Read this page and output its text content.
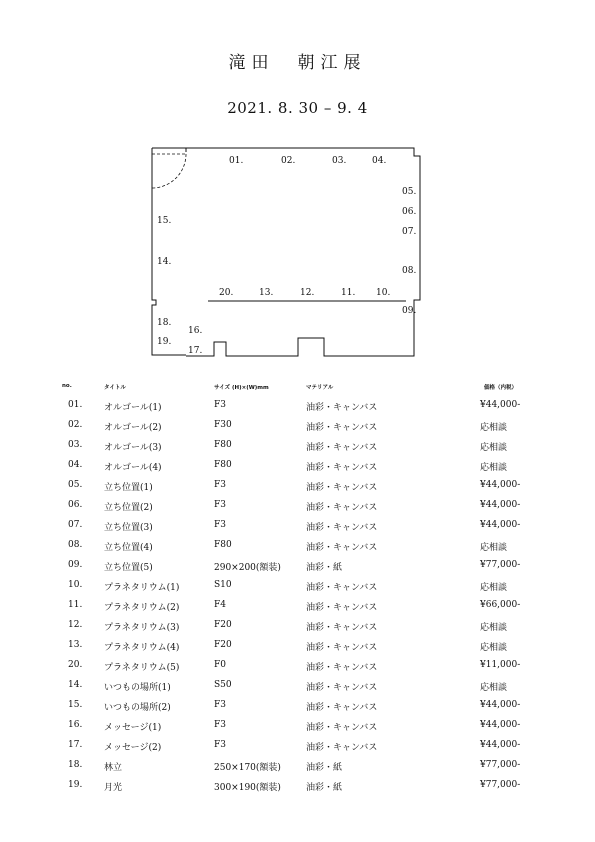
滝田　朝江展
2021. 8. 30 – 9. 4
01.	02.	03.	04.
05.
06.
07.
08.
09.
10.
11.
12.
13.
20.
14.
15.
16.
17.
18.
19.
no.	タイトル	サイズ (H)×(W)mm	マテリアル	価格（内税）
01. オルゴール(1)	F3	油彩・キャンバス	¥44,000-
02. オルゴール(2)	F30	油彩・キャンバス	応相談
03. オルゴール(3)	F80	油彩・キャンバス	応相談
04. オルゴール(4)	F80	油彩・キャンバス	応相談
05. 立ち位置(1)	F3	油彩・キャンバス	¥44,000-
06. 立ち位置(2)	F3	油彩・キャンバス	¥44,000-
07. 立ち位置(3)	F3	油彩・キャンバス	¥44,000-
08. 立ち位置(4)	F80	油彩・キャンバス	応相談
09. 立ち位置(5)	290×200(額装)	油彩・紙	¥77,000-
10. プラネタリウム(1)	S10	油彩・キャンバス	応相談
11. プラネタリウム(2)	F4	油彩・キャンバス	¥66,000-
12. プラネタリウム(3)	F20	油彩・キャンバス	応相談
13. プラネタリウム(4)	F20	油彩・キャンバス	応相談
20. プラネタリウム(5)	F0	油彩・キャンバス	¥11,000-
14. いつもの場所(1)	S50	油彩・キャンバス	応相談
15. いつもの場所(2)	F3	油彩・キャンバス	¥44,000-
16. メッセージ(1)	F3	油彩・キャンバス	¥44,000-
17. メッセージ(2)	F3	油彩・キャンバス	¥44,000-
18. 林立	250×170(額装)	油彩・紙	¥77,000-
19. 月光	300×190(額装)	油彩・紙	¥77,000-
